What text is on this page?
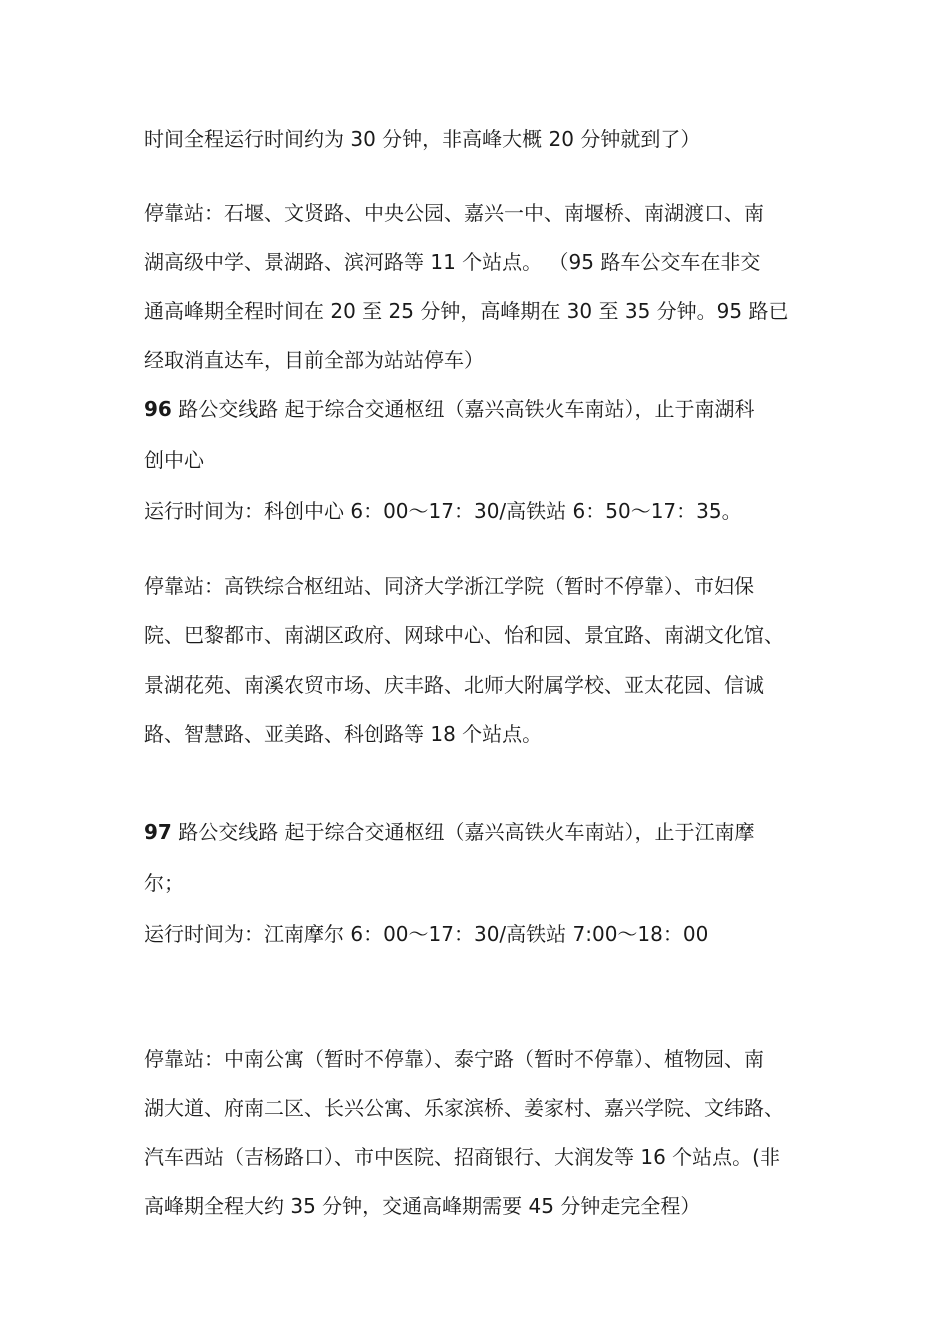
时间全程运行时间约为 30 分钟，非高峰大概 20 分钟就到了）
停靠站：石堰、文贤路、中央公园、嘉兴一中、南堰桥、南湖渡口、南
湖高级中学、景湖路、滨河路等 11 个站点。 （95 路车公交车在非交
通高峰期全程时间在 20 至 25 分钟，高峰期在 30 至 35 分钟。95 路已
经取消直达车，目前全部为站站停车）
96 路公交线路 起于综合交通枢纽（嘉兴高铁火车南站），止于南湖科
创中心
运行时间为：科创中心 6：00～17：30/高铁站 6：50～17：35。
停靠站：高铁综合枢纽站、同济大学浙江学院（暂时不停靠）、市妇保
院、巴黎都市、南湖区政府、网球中心、怡和园、景宜路、南湖文化馆、
景湖花苑、南溪农贸市场、庆丰路、北师大附属学校、亚太花园、信诚
路、智慧路、亚美路、科创路等 18 个站点。
97 路公交线路 起于综合交通枢纽（嘉兴高铁火车南站），止于江南摩
尔；
运行时间为：江南摩尔 6：00～17：30/高铁站 7:00～18：00
停靠站：中南公寓（暂时不停靠）、泰宁路（暂时不停靠）、植物园、南
湖大道、府南二区、长兴公寓、乐家滨桥、姜家村、嘉兴学院、文纬路、
汽车西站（吉杨路口）、市中医院、招商银行、大润发等 16 个站点。(非
高峰期全程大约 35 分钟，交通高峰期需要 45 分钟走完全程）
